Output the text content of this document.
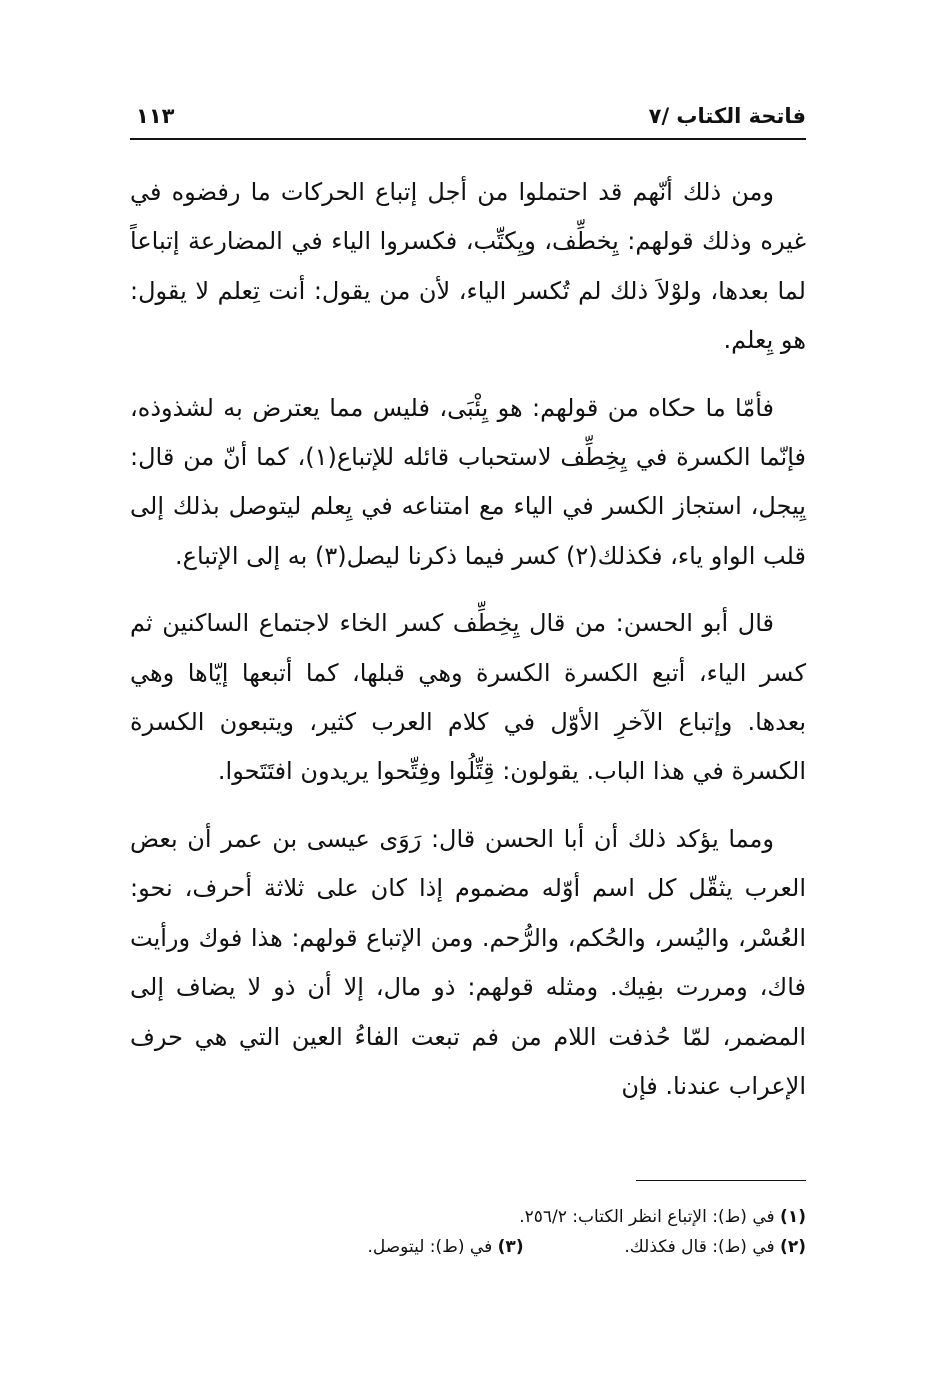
فاتحة الكتاب /٧
١١٣

ومن ذلك أنّهم قد احتملوا من أجل إتباع الحركات ما رفضوه في غيره وذلك قولهم: يِخطِّف، ويِكتِّب، فكسروا الياء في المضارعة إتباعاً لما بعدها، ولوْلاَ ذلك لم تُكسر الياء، لأن من يقول: أنت تِعلم لا يقول: هو يِعلم.

فأمّا ما حكاه من قولهم: هو يِئْبَى، فليس مما يعترض به لشذوذه، فإنّما الكسرة في يِخِطِّف لاستحباب قائله للإتباع(١)، كما أنّ من قال: يِيجل، استجاز الكسر في الياء مع امتناعه في يِعلم ليتوصل بذلك إلى قلب الواو ياء، فكذلك(٢) كسر فيما ذكرنا ليصل(٣) به إلى الإتباع.

قال أبو الحسن: من قال يِخِطِّف كسر الخاء لاجتماع الساكنين ثم كسر الياء، أتبع الكسرة الكسرة وهي قبلها، كما أتبعها إيّاها وهي بعدها. وإتباع الآخرِ الأوّل في كلام العرب كثير، ويتبعون الكسرة الكسرة في هذا الباب. يقولون: قِتِّلُوا وفِتِّحوا يريدون افتَتَحوا.

ومما يؤكد ذلك أن أبا الحسن قال: رَوَى عيسى بن عمر أن بعض العرب يثقّل كل اسم أوّله مضموم إذا كان على ثلاثة أحرف، نحو: العُسْر، واليُسر، والحُكم، والرُّحم. ومن الإتباع قولهم: هذا فوك ورأيت فاك، ومررت بفِيك. ومثله قولهم: ذو مال، إلا أن ذو لا يضاف إلى المضمر، لمّا حُذفت اللام من فم تبعت الفاءُ العين التي هي حرف الإعراب عندنا. فإن

(١) في (ط): الإتباع انظر الكتاب: ٢٥٦/٢.
(٢) في (ط): قال فكذلك.  (٣) في (ط): ليتوصل.
